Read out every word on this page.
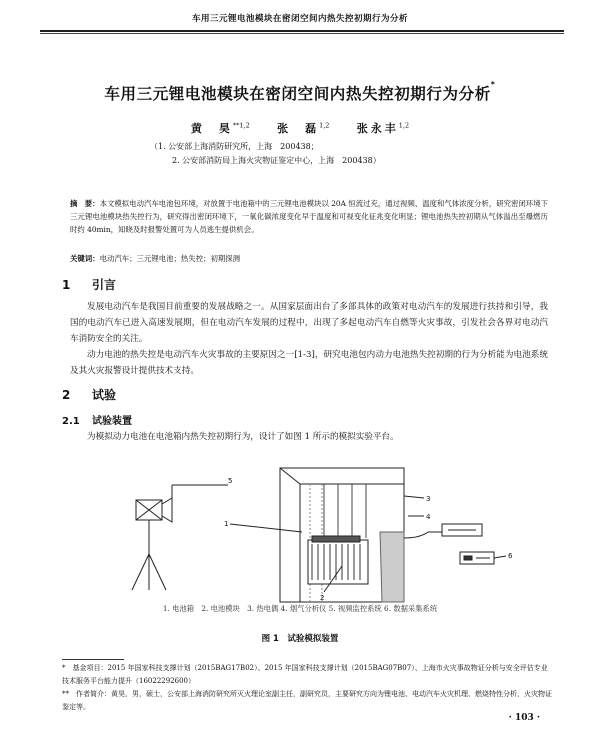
车用三元锂电池模块在密闭空间内热失控初期行为分析
车用三元锂电池模块在密闭空间内热失控初期行为分析*
黄　昊$^{**1,2}$ 张　磊$^{1,2}$ 张永丰$^{1,2}$
（1. 公安部上海消防研究所，上海　200438；
2. 公安部消防局上海火灾物证鉴定中心，上海　200438）
摘　要：本文模拟电动汽车电池包环境，对放置于电池箱中的三元锂电池模块以 20A 恒流过充，通过视频、温度和气体浓度分析，研究密闭环境下三元锂电池模块热失控行为，研究得出密闭环境下，一氧化碳浓度变化早于温度和可视变化征兆变化明显；锂电池热失控初期从气体溢出至爆燃历时约 40min，知晓及时报警处置可为人员逃生提供机会。
关键词：电动汽车；三元锂电池；热失控；初期探测
1 引言
发展电动汽车是我国目前重要的发展战略之一。从国家层面出台了多部具体的政策对电动汽车的发展进行扶持和引导，我国的电动汽车已进入高速发展期，但在电动汽车发展的过程中，出现了多起电动汽车自燃等火灾事故，引发社会各界对电动汽车消防安全的关注。
动力电池的热失控是电动汽车火灾事故的主要原因之一[1-3]，研究电池包内动力电池热失控初期的行为分析能为电池系统及其火灾报警设计提供技术支持。
2 试验
2.1 试验装置
为模拟动力电池在电池箱内热失控初期行为，设计了如图 1 所示的模拟实验平台。
5
1
2
3
4
6
1. 电池箱　2. 电池模块　3. 热电偶 4. 烟气分析仪 5. 视频监控系统 6. 数据采集系统
图 1　试验模拟装置
*　基金项目：2015 年国家科技支撑计划（2015BAG17B02）、2015 年国家科技支撑计划（2015BAG07B07）、上海市火灾事故物证分析与安全评估专业技术服务平台能力提升（16022292600）
**　作者简介：黄昊，男，硕士，公安部上海消防研究所灭火理论室副主任，副研究员，主要研究方向为锂电池、电动汽车火灾机理、燃烧特性分析，火灾物证鉴定等。
· 103 ·
